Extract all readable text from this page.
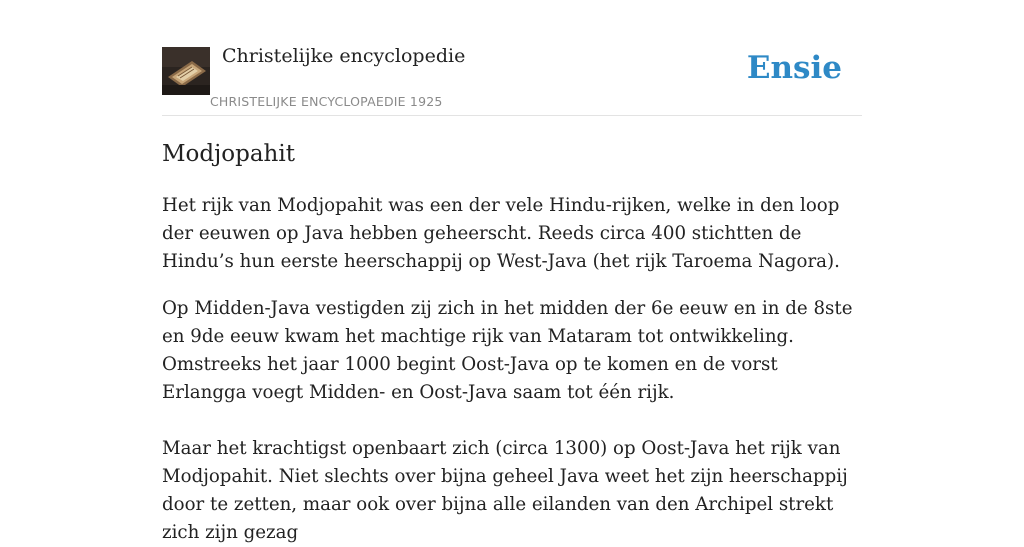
Christelijke encyclopedie
CHRISTELIJKE ENCYCLOPAEDIE 1925
Ensie
Modjopahit

Het rijk van Modjopahit was een der vele Hindu-rijken, welke in den loop der eeuwen op Java hebben geheerscht. Reeds circa 400 stichtten de Hindu’s hun eerste heerschappij op West-Java (het rijk Taroema Nagora).

Op Midden-Java vestigden zij zich in het midden der 6e eeuw en in de 8ste en 9de eeuw kwam het machtige rijk van Mataram tot ontwikkeling. Omstreeks het jaar 1000 begint Oost-Java op te komen en de vorst Erlangga voegt Midden- en Oost-Java saam tot één rijk.

Maar het krachtigst openbaart zich (circa 1300) op Oost-Java het rijk van Modjopahit. Niet slechts over bijna geheel Java weet het zijn heerschappij door te zetten, maar ook over bijna alle eilanden van den Archipel strekt zich zijn gezag
